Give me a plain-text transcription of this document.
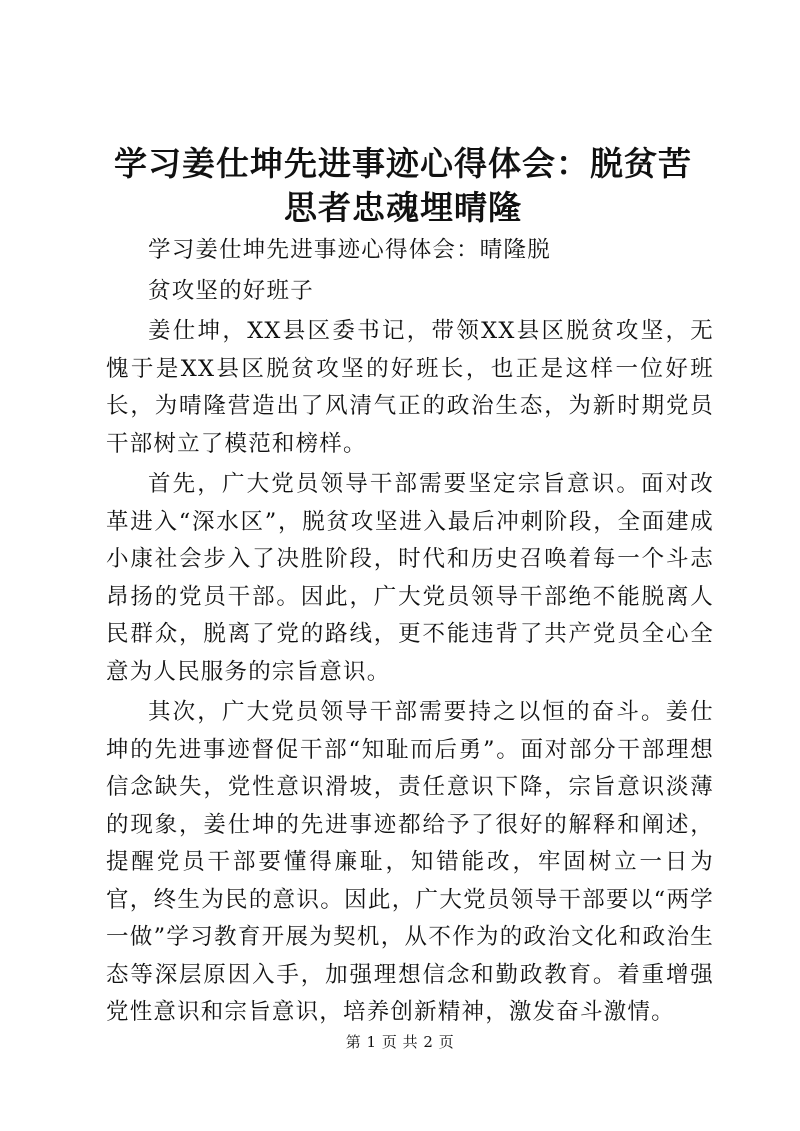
学习姜仕坤先进事迹心得体会：脱贫苦思者忠魂埋晴隆

学习姜仕坤先进事迹心得体会：晴隆脱

贫攻坚的好班子

姜仕坤，XX县区委书记，带领XX县区脱贫攻坚，无愧于是XX县区脱贫攻坚的好班长，也正是这样一位好班长，为晴隆营造出了风清气正的政治生态，为新时期党员干部树立了模范和榜样。

首先，广大党员领导干部需要坚定宗旨意识。面对改革进入“深水区”，脱贫攻坚进入最后冲刺阶段，全面建成小康社会步入了决胜阶段，时代和历史召唤着每一个斗志昂扬的党员干部。因此，广大党员领导干部绝不能脱离人民群众，脱离了党的路线，更不能违背了共产党员全心全意为人民服务的宗旨意识。

其次，广大党员领导干部需要持之以恒的奋斗。姜仕坤的先进事迹督促干部“知耻而后勇”。面对部分干部理想信念缺失，党性意识滑坡，责任意识下降，宗旨意识淡薄的现象，姜仕坤的先进事迹都给予了很好的解释和阐述，提醒党员干部要懂得廉耻，知错能改，牢固树立一日为官，终生为民的意识。因此，广大党员领导干部要以“两学一做”学习教育开展为契机，从不作为的政治文化和政治生态等深层原因入手，加强理想信念和勤政教育。着重增强党性意识和宗旨意识，培养创新精神，激发奋斗激情。

第 1 页 共 2 页
